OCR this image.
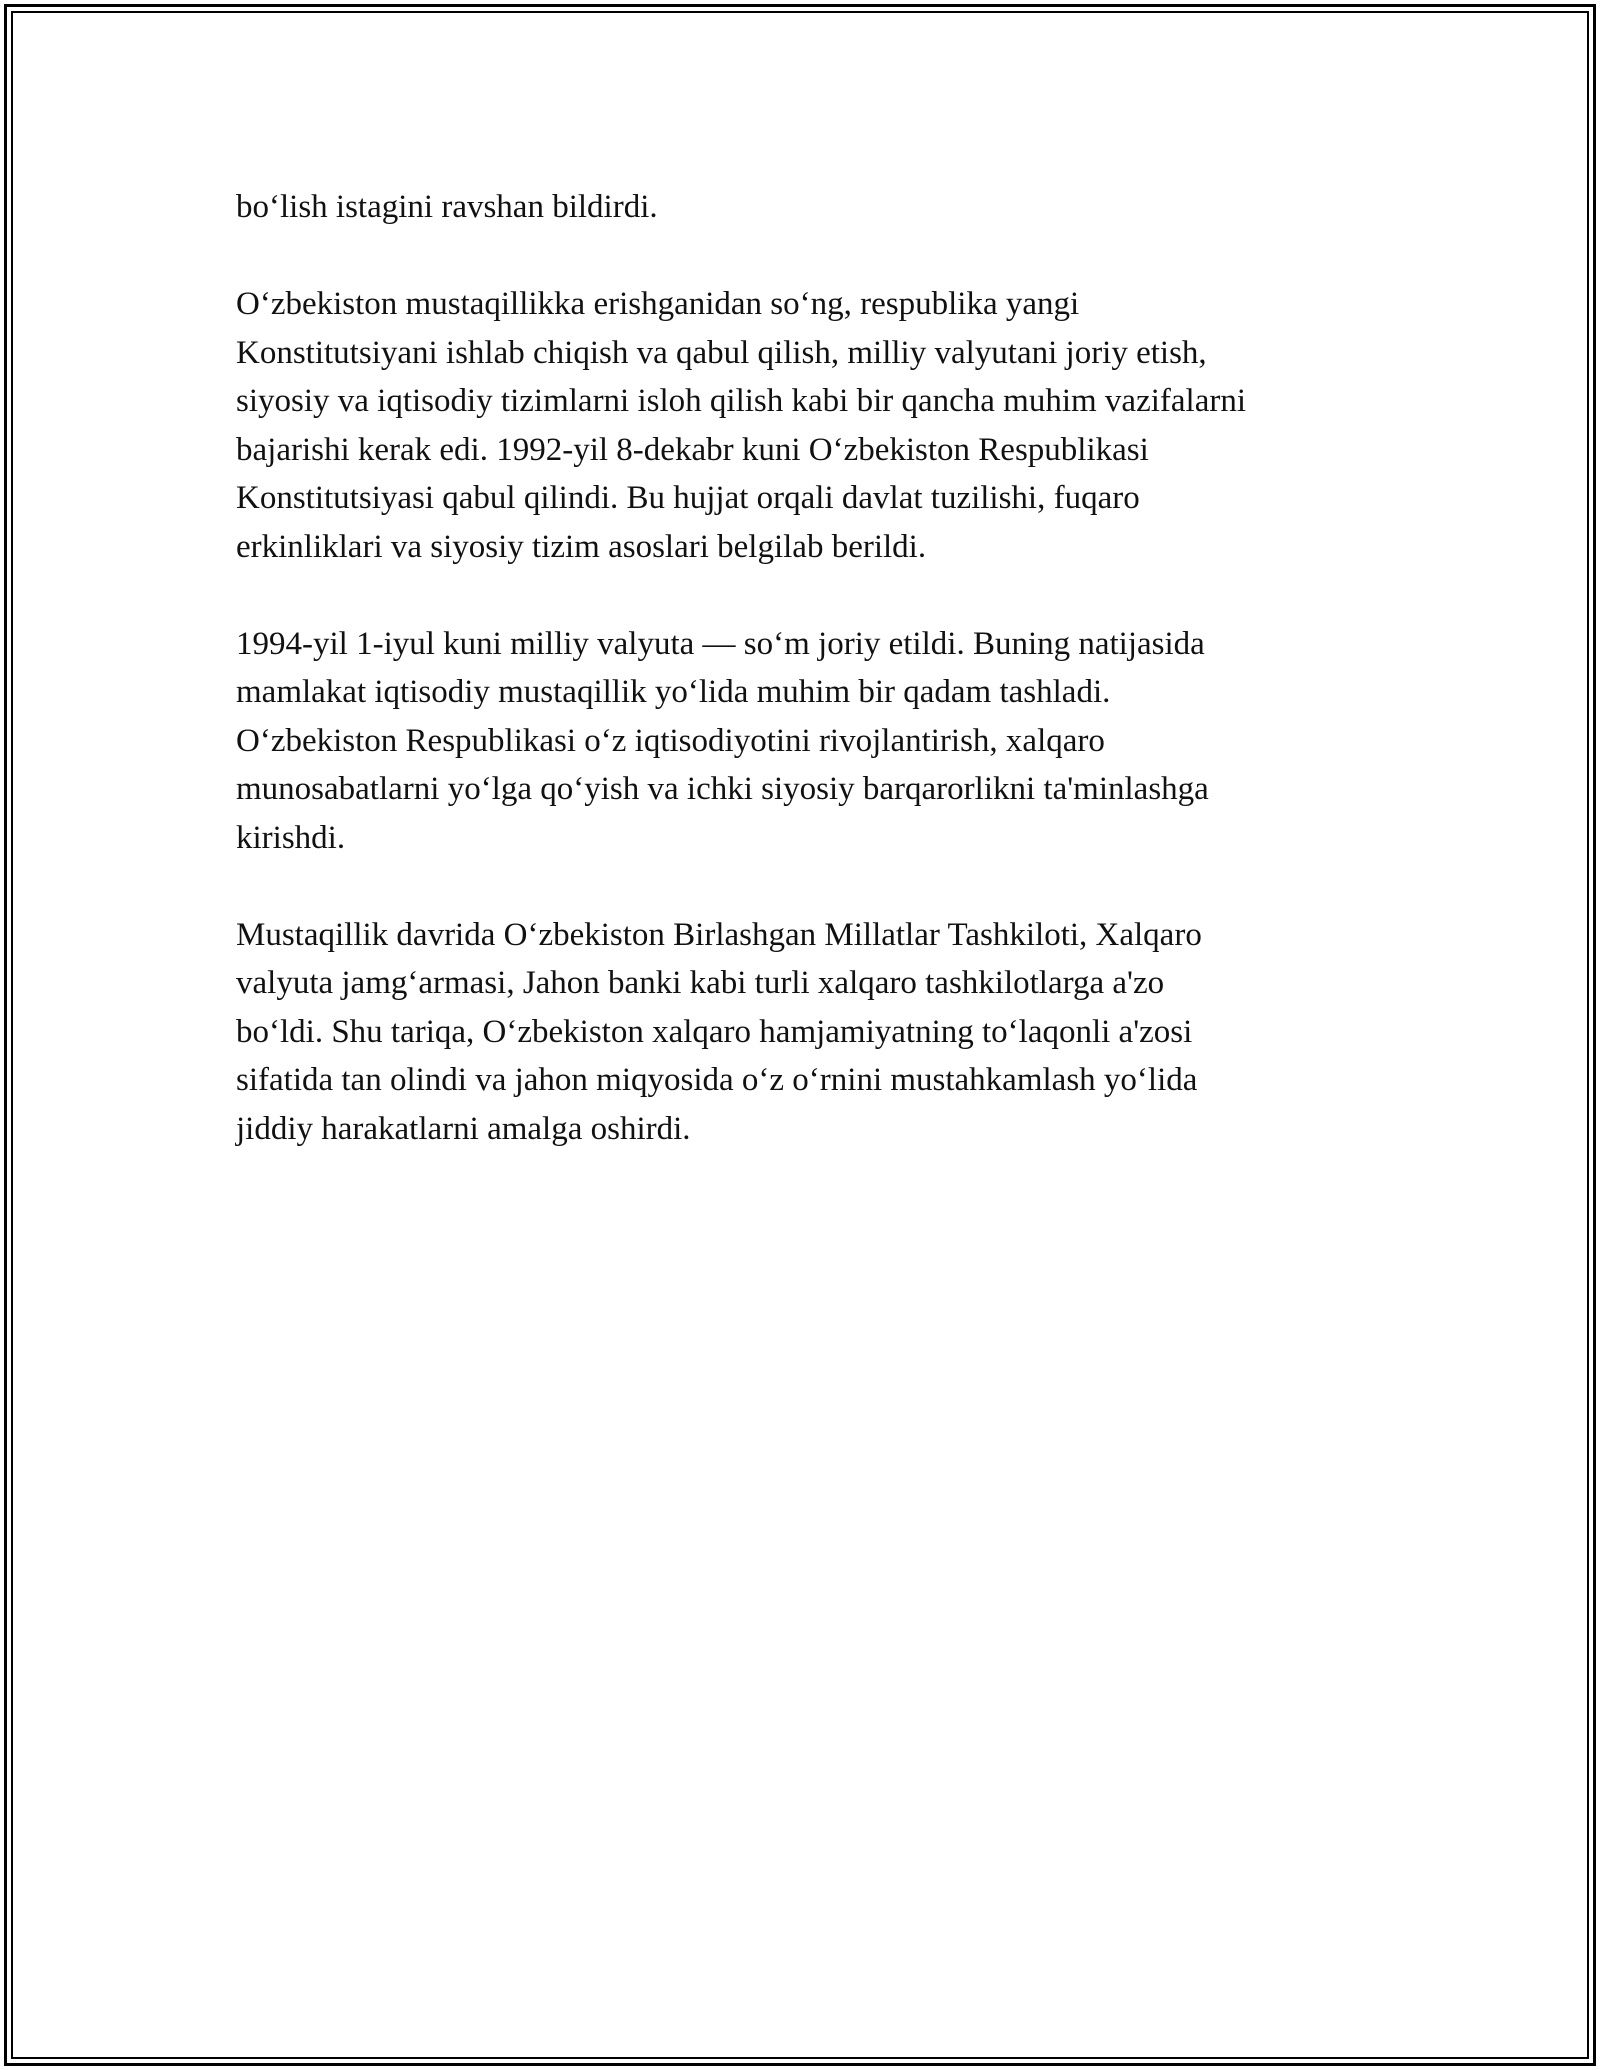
bo‘lish istagini ravshan bildirdi.

O‘zbekiston mustaqillikka erishganidan so‘ng, respublika yangi
Konstitutsiyani ishlab chiqish va qabul qilish, milliy valyutani joriy etish,
siyosiy va iqtisodiy tizimlarni isloh qilish kabi bir qancha muhim vazifalarni
bajarishi kerak edi. 1992-yil 8-dekabr kuni O‘zbekiston Respublikasi
Konstitutsiyasi qabul qilindi. Bu hujjat orqali davlat tuzilishi, fuqaro
erkinliklari va siyosiy tizim asoslari belgilab berildi.

1994-yil 1-iyul kuni milliy valyuta — so‘m joriy etildi. Buning natijasida
mamlakat iqtisodiy mustaqillik yo‘lida muhim bir qadam tashladi.
O‘zbekiston Respublikasi o‘z iqtisodiyotini rivojlantirish, xalqaro
munosabatlarni yo‘lga qo‘yish va ichki siyosiy barqarorlikni ta'minlashga
kirishdi.

Mustaqillik davrida O‘zbekiston Birlashgan Millatlar Tashkiloti, Xalqaro
valyuta jamg‘armasi, Jahon banki kabi turli xalqaro tashkilotlarga a'zo
bo‘ldi. Shu tariqa, O‘zbekiston xalqaro hamjamiyatning to‘laqonli a'zosi
sifatida tan olindi va jahon miqyosida o‘z o‘rnini mustahkamlash yo‘lida
jiddiy harakatlarni amalga oshirdi.
